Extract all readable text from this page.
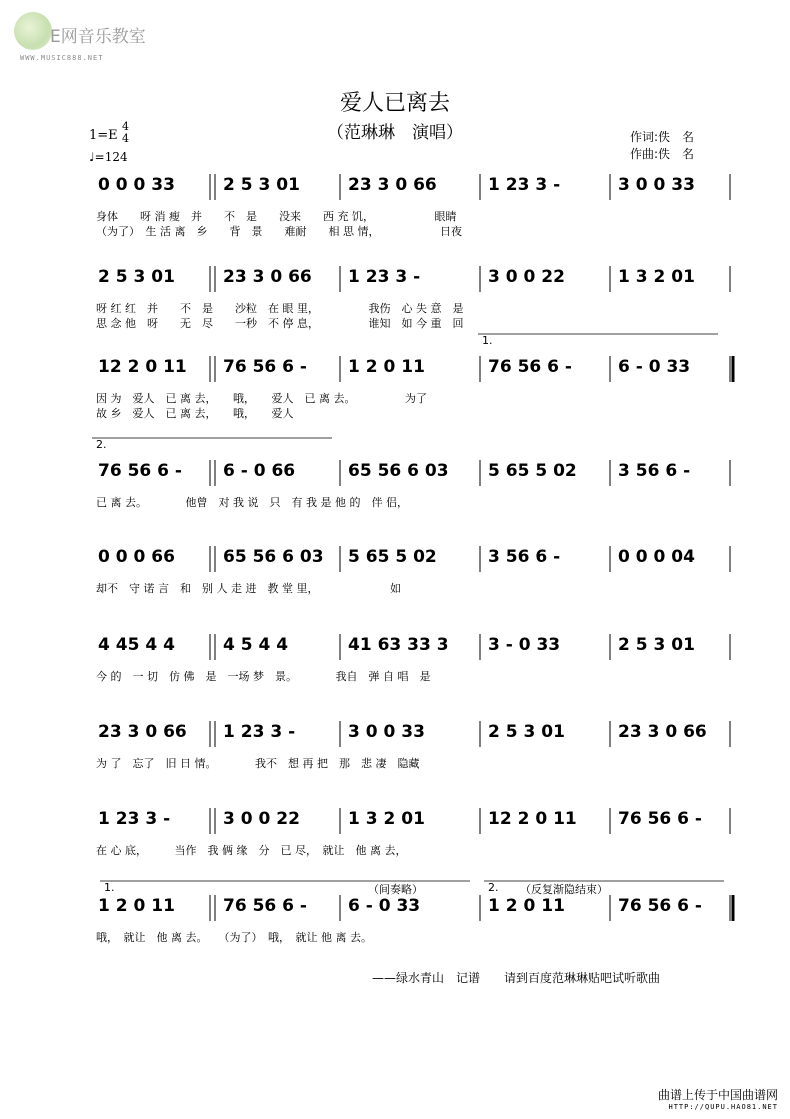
E网音乐教室
WWW.MUSIC888.NET
爱人已离去
（范琳琳　演唱）
1=E
4
4
♩=124
作词:佚　名
作曲:佚　名
0 0 0 33	2 5 3 01	23 3 0 66	1 23 3 -	3 0 0 33
身体　　呀 消 瘦　并　　不　是　　没来　　西 充 饥，　　　　　　眼睛
（为了）　生 活 离　乡　　背　景　　难耐　　相 思 情，　　　　　　日夜
2 5 3 01	23 3 0 66 1 23 3 -	3 0 0 22	1 3 2 01
呀 红 红　并　　不　是　　沙粒　在 眼 里，　　　　　我伤　心 失 意　是
思 念 他　呀　　无　尽　　一秒　不 停 息，　　　　　谁知　如 今 重　回
12 2 0 11 76 56 6 - 1 2 0 11	76 56 6 -	6 - 0 33
1.
因 为　爱人　已 离 去，　　哦，　　爱人　已 离 去。　　　　　为了
故 乡　爱人　已 离 去，　　哦，　　爱人
76 56 6 - 6 - 0 66	65 56 6 03 5 65 5 02 3 56 6 -
2.
已 离 去。　　　　他曾　对 我 说　只　有 我 是 他 的　伴 侣，
0 0 0 66	65 56 6 03 5 65 5 02	3 56 6 -	0 0 0 04
却不　守 诺 言　和　别 人 走 进　教 堂 里，　　　　　　　如
4 45 4 4	4 5 4 4	41 63 33 3 3 - 0 33	2 5 3 01
今 的　一 切　仿 佛　是　一场 梦　景。　　　　我自　弹 自 唱　是
23 3 0 66 1 23 3 -	3 0 0 33	2 5 3 01	23 3 0 66
为 了　忘了　旧 日 情。　　　　我不　想 再 把　那　悲 凄　隐藏
1 23 3 -	3 0 0 22	1 3 2 01	12 2 0 11 76 56 6 -
在 心 底，　　　当作　我 俩 缘　分　已 尽，　就让　他 离 去，
1 2 0 11	76 56 6 - 6 - 0 33	1 2 0 11	76 56 6 -
1.	2.
（间奏略）	（反复渐隐结束）
哦，　就让　他 离 去。　　（为了）　哦，　就让 他 离 去。
——绿水青山　记谱　　请到百度范琳琳贴吧试听歌曲
曲谱上传于中国曲谱网
HTTP://QUPU.HAO81.NET
